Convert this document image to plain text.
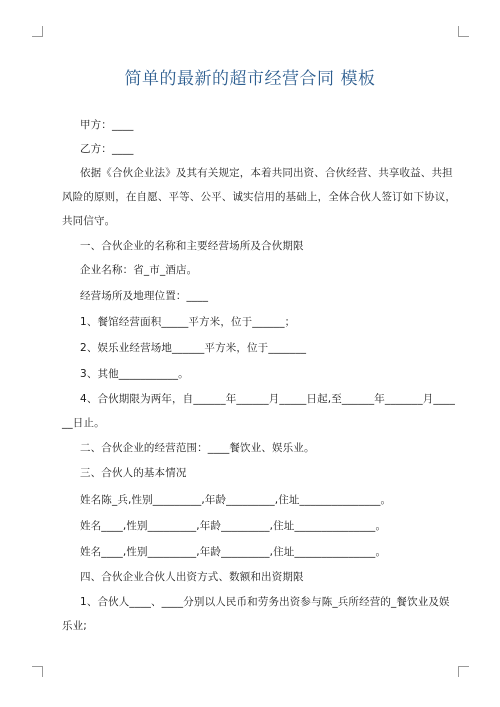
简单的最新的超市经营合同 模板
甲方：____
乙方：____
依据《合伙企业法》及其有关规定，本着共同出资、合伙经营、共享收益、共担
风险的原则，在自愿、平等、公平、诚实信用的基础上，全体合伙人签订如下协议，
共同信守。
一、合伙企业的名称和主要经营场所及合伙期限
企业名称：省_市_酒店。
经营场所及地理位置：____
1、餐馆经营面积_____平方米，位于______；
2、娱乐业经营场地______平方米，位于_______
3、其他___________。
4、合伙期限为两年，自______年______月_____日起,至______年_______月____
__日止。
二、合伙企业的经营范围：____餐饮业、娱乐业。
三、合伙人的基本情况
姓名陈_兵,性别_________,年龄_________,住址_______________。
姓名____,性别_________,年龄_________,住址_______________。
姓名____,性别_________,年龄_________,住址_______________。
四、合伙企业合伙人出资方式、数额和出资期限
1、合伙人____、____分别以人民币和劳务出资参与陈_兵所经营的_餐饮业及娱
乐业;
